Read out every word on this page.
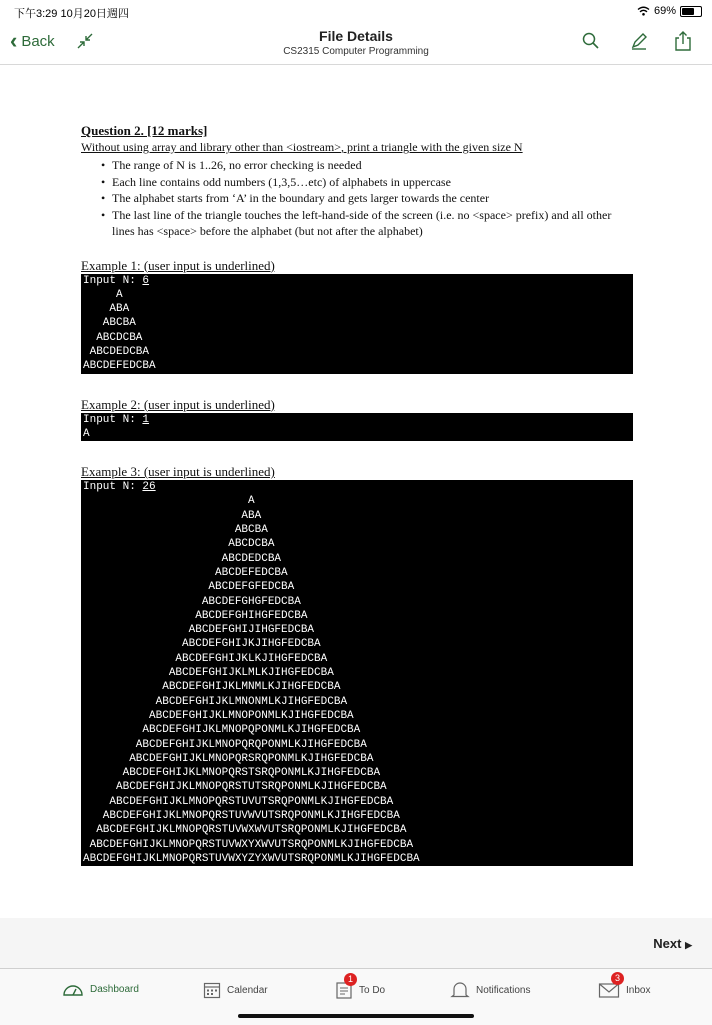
下午3:29 10月20日週四	69%
‹ Back	File Details
CS2315 Computer Programming
Question 2. [12 marks]
Without using array and library other than <iostream>, print a triangle with the given size N
• The range of N is 1..26, no error checking is needed
• Each line contains odd numbers (1,3,5…etc) of alphabets in uppercase
• The alphabet starts from ‘A’ in the boundary and gets larger towards the center
• The last line of the triangle touches the left-hand-side of the screen (i.e. no <space> prefix) and all other lines has <space> before the alphabet (but not after the alphabet)
Example 1: (user input is underlined)
Input N: 6
A
ABA
ABCBA
ABCDCBA
ABCDEDCBA
ABCDEFEDCBA
Example 2: (user input is underlined)
Input N: 1
A
Example 3: (user input is underlined)
Input N: 26
A
ABA
ABCBA
ABCDCBA
ABCDEDCBA
ABCDEFEDCBA
ABCDEFGFEDCBA
ABCDEFGHGFEDCBA
ABCDEFGHIHGFEDCBA
ABCDEFGHIJIHGFEDCBA
ABCDEFGHIJKJIHGFEDCBA
ABCDEFGHIJKLKJIHGFEDCBA
ABCDEFGHIJKLMLKJIHGFEDCBA
ABCDEFGHIJKLMNMLKJIHGFEDCBA
ABCDEFGHIJKLMNONMLKJIHGFEDCBA
ABCDEFGHIJKLMNOPONMLKJIHGFEDCBA
ABCDEFGHIJKLMNOPQPONMLKJIHGFEDCBA
ABCDEFGHIJKLMNOPQRQPONMLKJIHGFEDCBA
ABCDEFGHIJKLMNOPQRSRQPONMLKJIHGFEDCBA
ABCDEFGHIJKLMNOPQRSTSRQPONMLKJIHGFEDCBA
ABCDEFGHIJKLMNOPQRSTUTSRQPONMLKJIHGFEDCBA
ABCDEFGHIJKLMNOPQRSTUVUTSRQPONMLKJIHGFEDCBA
ABCDEFGHIJKLMNOPQRSTUVWVUTSRQPONMLKJIHGFEDCBA
ABCDEFGHIJKLMNOPQRSTUVWXWVUTSRQPONMLKJIHGFEDCBA
ABCDEFGHIJKLMNOPQRSTUVWXYXWVUTSRQPONMLKJIHGFEDCBA
ABCDEFGHIJKLMNOPQRSTUVWXYZYXWVUTSRQPONMLKJIHGFEDCBA
Next ▶
Dashboard	Calendar
1
To Do	Notifications
3
Inbox
